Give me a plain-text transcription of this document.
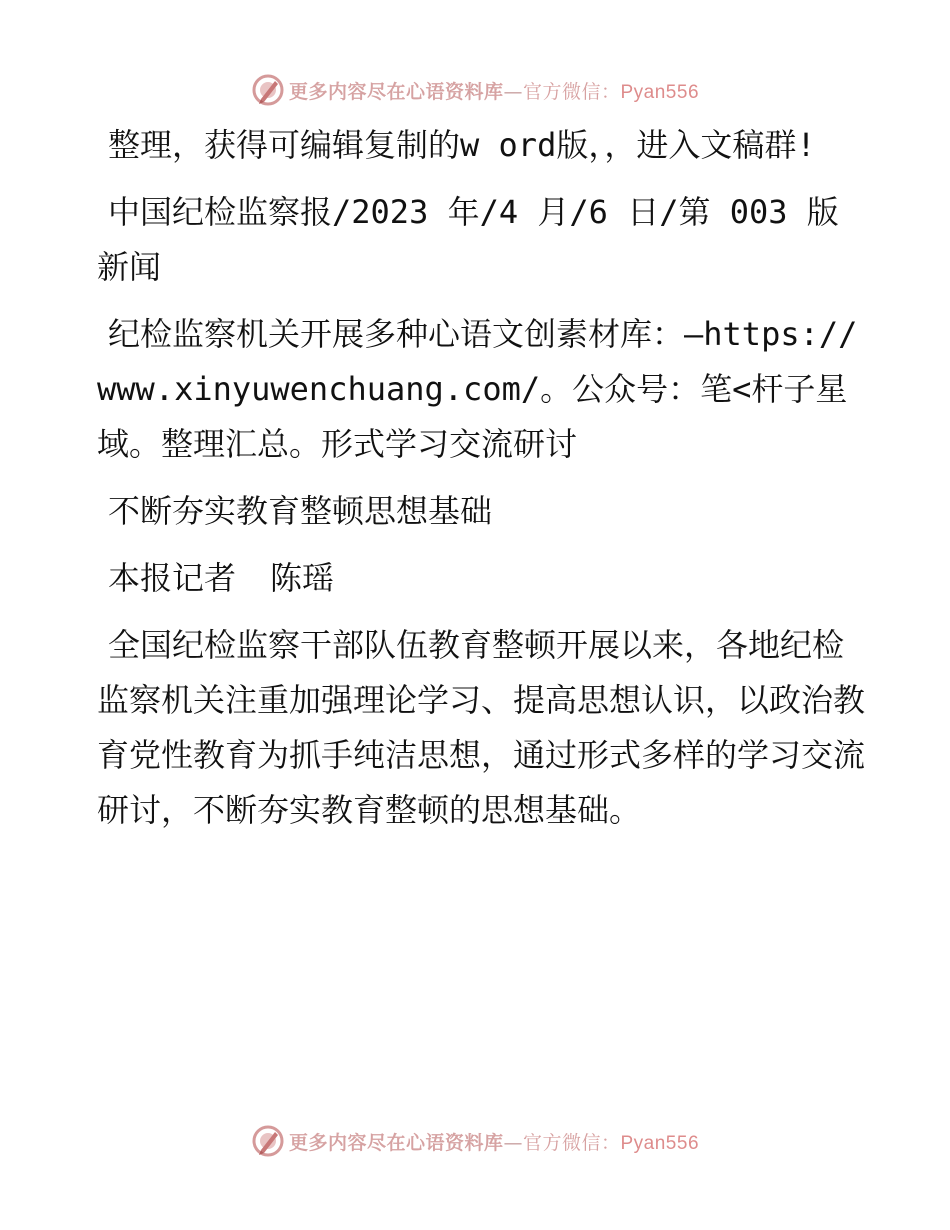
更多内容尽在心语资料库—官方微信：Pyan556

整理，获得可编辑复制的w ord版，，进入文稿群!

中国纪检监察报/2023 年/4 月/6 日/第 003 版新闻

纪检监察机关开展多种心语文创素材库：—https://www.xinyuwenchuang.com/。公众号：笔<杆子星域。整理汇总。形式学习交流研讨

不断夯实教育整顿思想基础

本报记者 陈瑶

全国纪检监察干部队伍教育整顿开展以来，各地纪检监察机关注重加强理论学习、提高思想认识，以政治教育党性教育为抓手纯洁思想，通过形式多样的学习交流研讨，不断夯实教育整顿的思想基础。

更多内容尽在心语资料库—官方微信：Pyan556
